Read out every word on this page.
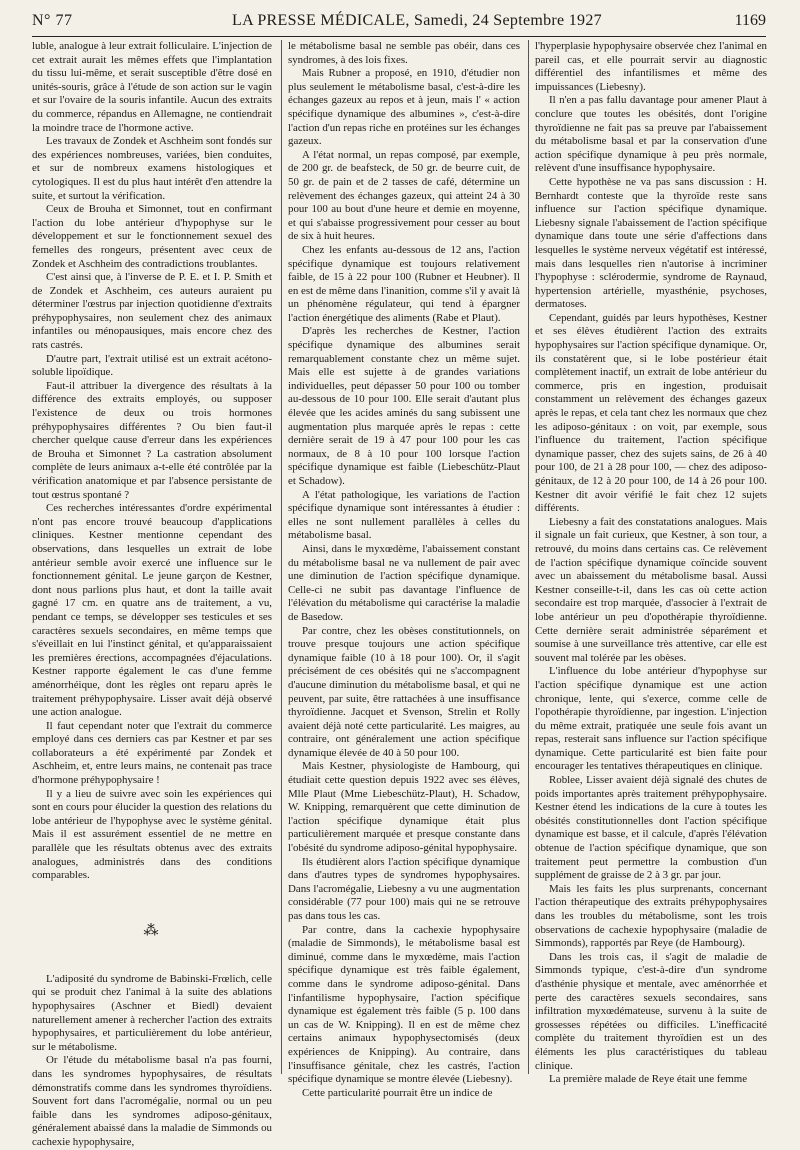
N° 77	LA PRESSE MÉDICALE, Samedi, 24 Septembre 1927	1169

luble, analogue à leur extrait folliculaire. L'injection de cet extrait aurait les mêmes effets que l'implantation du tissu lui-même, et serait susceptible d'être dosé en unités-souris, grâce à l'étude de son action sur le vagin et sur l'ovaire de la souris infantile. Aucun des extraits du commerce, répandus en Allemagne, ne contiendrait la moindre trace de l'hormone active.

Les travaux de Zondek et Aschheim sont fondés sur des expériences nombreuses, variées, bien conduites, et sur de nombreux examens histologiques et cytologiques. Il est du plus haut intérêt d'en attendre la suite, et surtout la vérification.

Ceux de Brouha et Simonnet, tout en confirmant l'action du lobe antérieur d'hypophyse sur le développement et sur le fonctionnement sexuel des femelles des rongeurs, présentent avec ceux de Zondek et Aschheim des contradictions troublantes.

C'est ainsi que, à l'inverse de P. E. et I. P. Smith et de Zondek et Aschheim, ces auteurs auraient pu déterminer l'œstrus par injection quotidienne d'extraits préhypophysaires, non seulement chez des animaux infantiles ou ménopausiques, mais encore chez des rats castrés.

D'autre part, l'extrait utilisé est un extrait acétono-soluble lipoïdique.

Faut-il attribuer la divergence des résultats à la différence des extraits employés, ou supposer l'existence de deux ou trois hormones préhypophysaires différentes ? Ou bien faut-il chercher quelque cause d'erreur dans les expériences de Brouha et Simonnet ? La castration absolument complète de leurs animaux a-t-elle été contrôlée par la vérification anatomique et par l'absence persistante de tout œstrus spontané ?

Ces recherches intéressantes d'ordre expérimental n'ont pas encore trouvé beaucoup d'applications cliniques. Kestner mentionne cependant des observations, dans lesquelles un extrait de lobe antérieur semble avoir exercé une influence sur le fonctionnement génital. Le jeune garçon de Kestner, dont nous parlions plus haut, et dont la taille avait gagné 17 cm. en quatre ans de traitement, a vu, pendant ce temps, se développer ses testicules et ses caractères sexuels secondaires, en même temps que s'éveillait en lui l'instinct génital, et qu'apparaissaient les premières érections, accompagnées d'éjaculations. Kestner rapporte également le cas d'une femme aménorrhéique, dont les règles ont reparu après le traitement préhypophysaire. Lisser avait déjà observé une action analogue.

Il faut cependant noter que l'extrait du commerce employé dans ces derniers cas par Kestner et par ses collaborateurs a été expérimenté par Zondek et Aschheim, et, entre leurs mains, ne contenait pas trace d'hormone préhypophysaire !

Il y a lieu de suivre avec soin les expériences qui sont en cours pour élucider la question des relations du lobe antérieur de l'hypophyse avec le système génital. Mais il est assurément essentiel de ne mettre en parallèle que les résultats obtenus avec des extraits analogues, administrés dans des conditions comparables.

⁂

L'adiposité du syndrome de Babinski-Frœlich, celle qui se produit chez l'animal à la suite des ablations hypophysaires (Aschner et Biedl) devaient naturellement amener à rechercher l'action des extraits hypophysaires, et particulièrement du lobe antérieur, sur le métabolisme.

Or l'étude du métabolisme basal n'a pas fourni, dans les syndromes hypophysaires, de résultats démonstratifs comme dans les syndromes thyroïdiens. Souvent fort dans l'acromégalie, normal ou un peu faible dans les syndromes adiposo-génitaux, généralement abaissé dans la maladie de Simmonds ou cachexie hypophysaire,

le métabolisme basal ne semble pas obéir, dans ces syndromes, à des lois fixes.

Mais Rubner a proposé, en 1910, d'étudier non plus seulement le métabolisme basal, c'est-à-dire les échanges gazeux au repos et à jeun, mais l' « action spécifique dynamique des albumines », c'est-à-dire l'action d'un repas riche en protéines sur les échanges gazeux.

A l'état normal, un repas composé, par exemple, de 200 gr. de beafsteck, de 50 gr. de beurre cuit, de 50 gr. de pain et de 2 tasses de café, détermine un relèvement des échanges gazeux, qui atteint 24 à 30 pour 100 au bout d'une heure et demie en moyenne, et qui s'abaisse progressivement pour cesser au bout de six à huit heures.

Chez les enfants au-dessous de 12 ans, l'action spécifique dynamique est toujours relativement faible, de 15 à 22 pour 100 (Rubner et Heubner). Il en est de même dans l'inanition, comme s'il y avait là un phénomène régulateur, qui tend à épargner l'action énergétique des aliments (Rabe et Plaut).

D'après les recherches de Kestner, l'action spécifique dynamique des albumines serait remarquablement constante chez un même sujet. Mais elle est sujette à de grandes variations individuelles, peut dépasser 50 pour 100 ou tomber au-dessous de 10 pour 100. Elle serait d'autant plus élevée que les acides aminés du sang subissent une augmentation plus marquée après le repas : cette dernière serait de 19 à 47 pour 100 pour les cas normaux, de 8 à 10 pour 100 lorsque l'action spécifique dynamique est faible (Liebeschütz-Plaut et Schadow).

A l'état pathologique, les variations de l'action spécifique dynamique sont intéressantes à étudier : elles ne sont nullement parallèles à celles du métabolisme basal.

Ainsi, dans le myxœdème, l'abaissement constant du métabolisme basal ne va nullement de pair avec une diminution de l'action spécifique dynamique. Celle-ci ne subit pas davantage l'influence de l'élévation du métabolisme qui caractérise la maladie de Basedow.

Par contre, chez les obèses constitutionnels, on trouve presque toujours une action spécifique dynamique faible (10 à 18 pour 100). Or, il s'agit précisément de ces obésités qui ne s'accompagnent d'aucune diminution du métabolisme basal, et qui ne peuvent, par suite, être rattachées à une insuffisance thyroïdienne. Jacquet et Svenson, Strelin et Rolly avaient déjà noté cette particularité. Les maigres, au contraire, ont généralement une action spécifique dynamique élevée de 40 à 50 pour 100.

Mais Kestner, physiologiste de Hambourg, qui étudiait cette question depuis 1922 avec ses élèves, Mlle Plaut (Mme Liebeschütz-Plaut), H. Schadow, W. Knipping, remarquèrent que cette diminution de l'action spécifique dynamique était plus particulièrement marquée et presque constante dans l'obésité du syndrome adiposo-génital hypophysaire.

Ils étudièrent alors l'action spécifique dynamique dans d'autres types de syndromes hypophysaires. Dans l'acromégalie, Liebesny a vu une augmentation considérable (77 pour 100) mais qui ne se retrouve pas dans tous les cas.

Par contre, dans la cachexie hypophysaire (maladie de Simmonds), le métabolisme basal est diminué, comme dans le myxœdème, mais l'action spécifique dynamique est très faible également, comme dans le syndrome adiposo-génital. Dans l'infantilisme hypophysaire, l'action spécifique dynamique est également très faible (5 p. 100 dans un cas de W. Knipping). Il en est de même chez certains animaux hypophysectomisés (deux expériences de Knipping). Au contraire, dans l'insuffisance génitale, chez les castrés, l'action spécifique dynamique se montre élevée (Liebesny).

Cette particularité pourrait être un indice de

l'hyperplasie hypophysaire observée chez l'animal en pareil cas, et elle pourrait servir au diagnostic différentiel des infantilismes et même des impuissances (Liebesny).

Il n'en a pas fallu davantage pour amener Plaut à conclure que toutes les obésités, dont l'origine thyroïdienne ne fait pas sa preuve par l'abaissement du métabolisme basal et par la conservation d'une action spécifique dynamique à peu près normale, relèvent d'une insuffisance hypophysaire.

Cette hypothèse ne va pas sans discussion : H. Bernhardt conteste que la thyroïde reste sans influence sur l'action spécifique dynamique. Liebesny signale l'abaissement de l'action spécifique dynamique dans toute une série d'affections dans lesquelles le système nerveux végétatif est intéressé, mais dans lesquelles rien n'autorise à incriminer l'hypophyse : sclérodermie, syndrome de Raynaud, hypertension artérielle, myasthénie, psychoses, dermatoses.

Cependant, guidés par leurs hypothèses, Kestner et ses élèves étudièrent l'action des extraits hypophysaires sur l'action spécifique dynamique. Or, ils constatèrent que, si le lobe postérieur était complètement inactif, un extrait de lobe antérieur du commerce, pris en ingestion, produisait constamment un relèvement des échanges gazeux après le repas, et cela tant chez les normaux que chez les adiposo-génitaux : on voit, par exemple, sous l'influence du traitement, l'action spécifique dynamique passer, chez des sujets sains, de 26 à 40 pour 100, de 21 à 28 pour 100, — chez des adiposo-génitaux, de 12 à 20 pour 100, de 14 à 26 pour 100. Kestner dit avoir vérifié le fait chez 12 sujets différents.

Liebesny a fait des constatations analogues. Mais il signale un fait curieux, que Kestner, à son tour, a retrouvé, du moins dans certains cas. Ce relèvement de l'action spécifique dynamique coïncide souvent avec un abaissement du métabolisme basal. Aussi Kestner conseille-t-il, dans les cas où cette action secondaire est trop marquée, d'associer à l'extrait de lobe antérieur un peu d'opothérapie thyroïdienne. Cette dernière serait administrée séparément et soumise à une surveillance très attentive, car elle est souvent mal tolérée par les obèses.

L'influence du lobe antérieur d'hypophyse sur l'action spécifique dynamique est une action chronique, lente, qui s'exerce, comme celle de l'opothérapie thyroïdienne, par ingestion. L'injection du même extrait, pratiquée une seule fois avant un repas, resterait sans influence sur l'action spécifique dynamique. Cette particularité est bien faite pour encourager les tentatives thérapeutiques en clinique.

Roblee, Lisser avaient déjà signalé des chutes de poids importantes après traitement préhypophysaire. Kestner étend les indications de la cure à toutes les obésités constitutionnelles dont l'action spécifique dynamique est basse, et il calcule, d'après l'élévation obtenue de l'action spécifique dynamique, que son traitement peut permettre la combustion d'un supplément de graisse de 2 à 3 gr. par jour.

Mais les faits les plus surprenants, concernant l'action thérapeutique des extraits préhypophysaires dans les troubles du métabolisme, sont les trois observations de cachexie hypophysaire (maladie de Simmonds), rapportés par Reye (de Hambourg).

Dans les trois cas, il s'agit de maladie de Simmonds typique, c'est-à-dire d'un syndrome d'asthénie physique et mentale, avec aménorrhée et perte des caractères sexuels secondaires, sans infiltration myxœdémateuse, survenu à la suite de grossesses répétées ou difficiles. L'inefficacité complète du traitement thyroïdien est un des éléments les plus caractéristiques du tableau clinique.

La première malade de Reye était une femme
